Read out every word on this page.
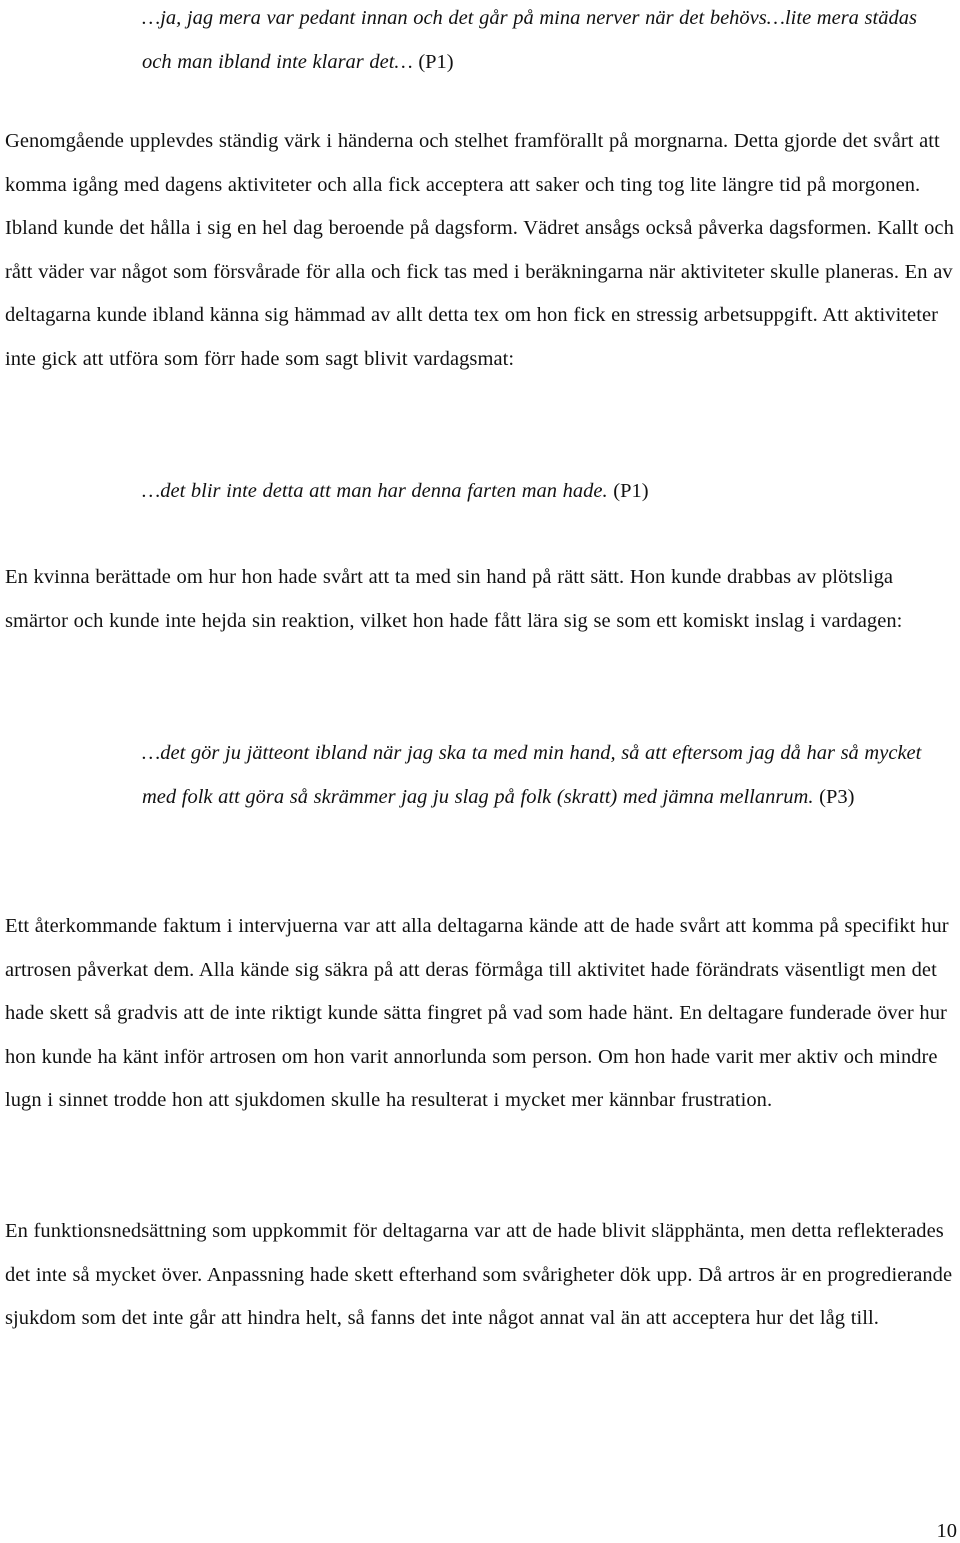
…ja, jag mera var pedant innan och det går på mina nerver när det behövs…lite mera städas och man ibland inte klarar det… (P1)

Genomgående upplevdes ständig värk i händerna och stelhet framförallt på morgnarna. Detta gjorde det svårt att komma igång med dagens aktiviteter och alla fick acceptera att saker och ting tog lite längre tid på morgonen. Ibland kunde det hålla i sig en hel dag beroende på dagsform. Vädret ansågs också påverka dagsformen. Kallt och rått väder var något som försvårade för alla och fick tas med i beräkningarna när aktiviteter skulle planeras. En av deltagarna kunde ibland känna sig hämmad av allt detta tex om hon fick en stressig arbetsuppgift. Att aktiviteter inte gick att utföra som förr hade som sagt blivit vardagsmat:

…det blir inte detta att man har denna farten man hade. (P1)

En kvinna berättade om hur hon hade svårt att ta med sin hand på rätt sätt. Hon kunde drabbas av plötsliga smärtor och kunde inte hejda sin reaktion, vilket hon hade fått lära sig se som ett komiskt inslag i vardagen:

…det gör ju jätteont ibland när jag ska ta med min hand, så att eftersom jag då har så mycket med folk att göra så skrämmer jag ju slag på folk (skratt) med jämna mellanrum. (P3)

Ett återkommande faktum i intervjuerna var att alla deltagarna kände att de hade svårt att komma på specifikt hur artrosen påverkat dem. Alla kände sig säkra på att deras förmåga till aktivitet hade förändrats väsentligt men det hade skett så gradvis att de inte riktigt kunde sätta fingret på vad som hade hänt. En deltagare funderade över hur hon kunde ha känt inför artrosen om hon varit annorlunda som person. Om hon hade varit mer aktiv och mindre lugn i sinnet trodde hon att sjukdomen skulle ha resulterat i mycket mer kännbar frustration.

En funktionsnedsättning som uppkommit för deltagarna var att de hade blivit släpphänta, men detta reflekterades det inte så mycket över. Anpassning hade skett efterhand som svårigheter dök upp. Då artros är en progredierande sjukdom som det inte går att hindra helt, så fanns det inte något annat val än att acceptera hur det låg till.

10
